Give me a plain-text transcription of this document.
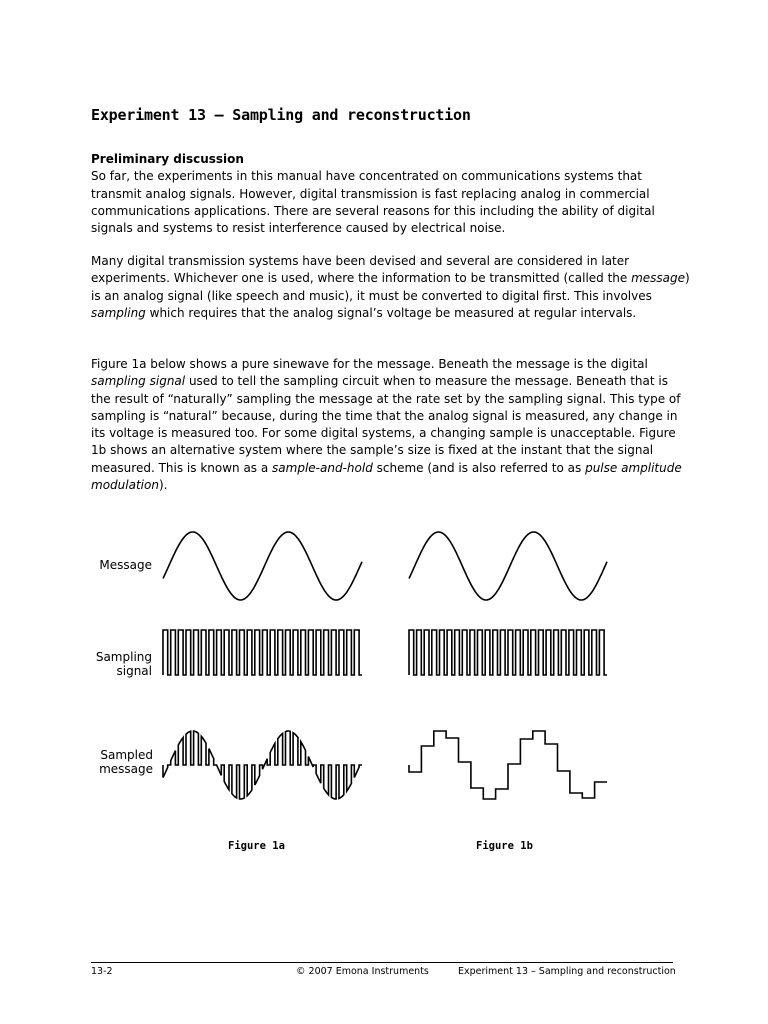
Experiment 13 – Sampling and reconstruction

Preliminary discussion
So far, the experiments in this manual have concentrated on communications systems that transmit analog signals. However, digital transmission is fast replacing analog in commercial communications applications. There are several reasons for this including the ability of digital signals and systems to resist interference caused by electrical noise.

Many digital transmission systems have been devised and several are considered in later experiments. Whichever one is used, where the information to be transmitted (called the message) is an analog signal (like speech and music), it must be converted to digital first. This involves sampling which requires that the analog signal’s voltage be measured at regular intervals.

Figure 1a below shows a pure sinewave for the message. Beneath the message is the digital sampling signal used to tell the sampling circuit when to measure the message. Beneath that is the result of “naturally” sampling the message at the rate set by the sampling signal. This type of sampling is “natural” because, during the time that the analog signal is measured, any change in its voltage is measured too. For some digital systems, a changing sample is unacceptable. Figure 1b shows an alternative system where the sample’s size is fixed at the instant that the signal measured. This is known as a sample-and-hold scheme (and is also referred to as pulse amplitude modulation).

Message
Sampling
signal
Sampled
message
Figure 1a	Figure 1b
13-2	© 2007 Emona Instruments	Experiment 13 – Sampling and reconstruction
